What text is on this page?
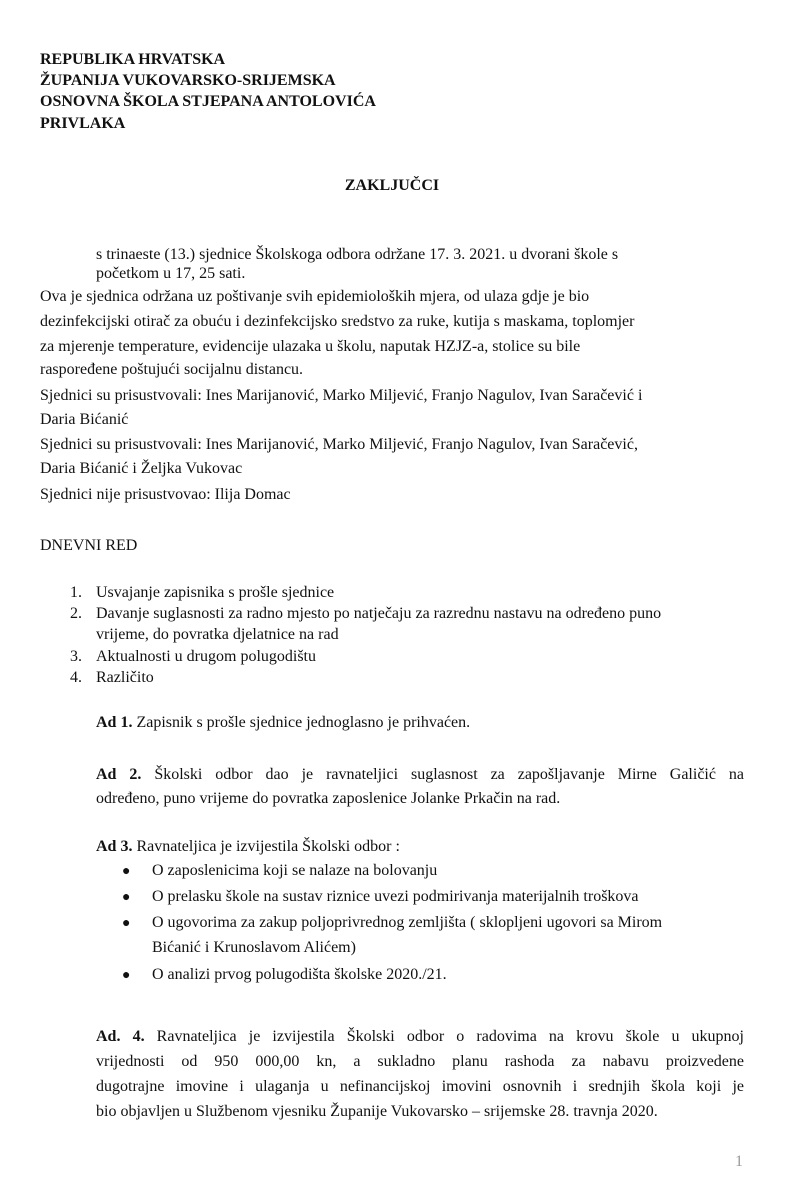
REPUBLIKA HRVATSKA
ŽUPANIJA VUKOVARSKO-SRIJEMSKA
OSNOVNA ŠKOLA STJEPANA ANTOLOVIĆA
PRIVLAKA
ZAKLJUČCI
s trinaeste (13.) sjednice Školskoga odbora održane 17. 3. 2021. u dvorani škole s
početkom u 17, 25 sati.
Ova je sjednica održana uz poštivanje svih epidemioloških mjera, od ulaza gdje je bio
dezinfekcijski otirač za obuću i dezinfekcijsko sredstvo za ruke, kutija s maskama, toplomjer
za mjerenje temperature, evidencije ulazaka u školu, naputak HZJZ-a, stolice su bile
raspoređene poštujući socijalnu distancu.
Sjednici su prisustvovali: Ines Marijanović, Marko Miljević, Franjo Nagulov, Ivan Saračević i
Daria Bićanić
Sjednici su prisustvovali: Ines Marijanović, Marko Miljević, Franjo Nagulov, Ivan Saračević,
Daria Bićanić i Željka Vukovac
Sjednici nije prisustvovao: Ilija Domac
DNEVNI RED
1. Usvajanje zapisnika s prošle sjednice
2. Davanje suglasnosti za radno mjesto po natječaju za razrednu nastavu na određeno puno
vrijeme, do povratka djelatnice na rad
3. Aktualnosti u drugom polugodištu
4. Različito
Ad 1. Zapisnik s prošle sjednice jednoglasno je prihvaćen.
Ad 2. Školski odbor dao je ravnateljici suglasnost za zapošljavanje Mirne Galičić na
određeno, puno vrijeme do povratka zaposlenice Jolanke Prkačin na rad.
Ad 3. Ravnateljica je izvijestila Školski odbor :
● O zaposlenicima koji se nalaze na bolovanju
● O prelasku škole na sustav riznice uvezi podmirivanja materijalnih troškova
● O ugovorima za zakup poljoprivrednog zemljišta ( sklopljeni ugovori sa Mirom
Bićanić i Krunoslavom Alićem)
● O analizi prvog polugodišta školske 2020./21.
Ad. 4. Ravnateljica je izvijestila Školski odbor o radovima na krovu škole u ukupnoj
vrijednosti od 950 000,00 kn, a sukladno planu rashoda za nabavu proizvedene
dugotrajne imovine i ulaganja u nefinancijskoj imovini osnovnih i srednjih škola koji je
bio objavljen u Službenom vjesniku Županije Vukovarsko – srijemske 28. travnja 2020.
1
